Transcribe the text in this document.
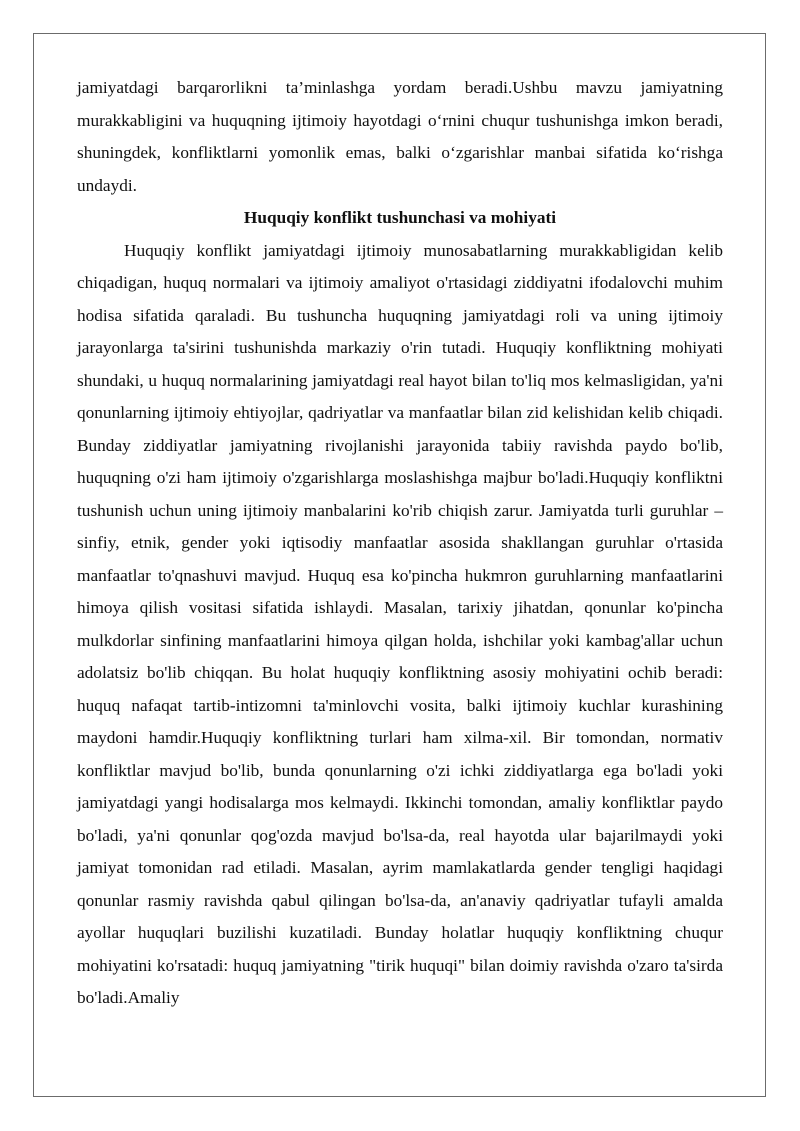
jamiyatdagi barqarorlikni ta’minlashga yordam beradi.Ushbu mavzu jamiyatning murakkabligini va huquqning ijtimoiy hayotdagi o‘rnini chuqur tushunishga imkon beradi, shuningdek, konfliktlarni yomonlik emas, balki o‘zgarishlar manbai sifatida ko‘rishga undaydi.

Huquqiy konflikt tushunchasi va mohiyati

Huquqiy konflikt jamiyatdagi ijtimoiy munosabatlarning murakkabligidan kelib chiqadigan, huquq normalari va ijtimoiy amaliyot o'rtasidagi ziddiyatni ifodalovchi muhim hodisa sifatida qaraladi. Bu tushuncha huquqning jamiyatdagi roli va uning ijtimoiy jarayonlarga ta'sirini tushunishda markaziy o'rin tutadi. Huquqiy konfliktning mohiyati shundaki, u huquq normalarining jamiyatdagi real hayot bilan to'liq mos kelmasligidan, ya'ni qonunlarning ijtimoiy ehtiyojlar, qadriyatlar va manfaatlar bilan zid kelishidan kelib chiqadi. Bunday ziddiyatlar jamiyatning rivojlanishi jarayonida tabiiy ravishda paydo bo'lib, huquqning o'zi ham ijtimoiy o'zgarishlarga moslashishga majbur bo'ladi.Huquqiy konfliktni tushunish uchun uning ijtimoiy manbalarini ko'rib chiqish zarur. Jamiyatda turli guruhlar – sinfiy, etnik, gender yoki iqtisodiy manfaatlar asosida shakllangan guruhlar o'rtasida manfaatlar to'qnashuvi mavjud. Huquq esa ko'pincha hukmron guruhlarning manfaatlarini himoya qilish vositasi sifatida ishlaydi. Masalan, tarixiy jihatdan, qonunlar ko'pincha mulkdorlar sinfining manfaatlarini himoya qilgan holda, ishchilar yoki kambag'allar uchun adolatsiz bo'lib chiqqan. Bu holat huquqiy konfliktning asosiy mohiyatini ochib beradi: huquq nafaqat tartib-intizomni ta'minlovchi vosita, balki ijtimoiy kuchlar kurashining maydoni hamdir.Huquqiy konfliktning turlari ham xilma-xil. Bir tomondan, normativ konfliktlar mavjud bo'lib, bunda qonunlarning o'zi ichki ziddiyatlarga ega bo'ladi yoki jamiyatdagi yangi hodisalarga mos kelmaydi. Ikkinchi tomondan, amaliy konfliktlar paydo bo'ladi, ya'ni qonunlar qog'ozda mavjud bo'lsa-da, real hayotda ular bajarilmaydi yoki jamiyat tomonidan rad etiladi. Masalan, ayrim mamlakatlarda gender tengligi haqidagi qonunlar rasmiy ravishda qabul qilingan bo'lsa-da, an'anaviy qadriyatlar tufayli amalda ayollar huquqlari buzilishi kuzatiladi. Bunday holatlar huquqiy konfliktning chuqur mohiyatini ko'rsatadi: huquq jamiyatning "tirik huquqi" bilan doimiy ravishda o'zaro ta'sirda bo'ladi.Amaliy
